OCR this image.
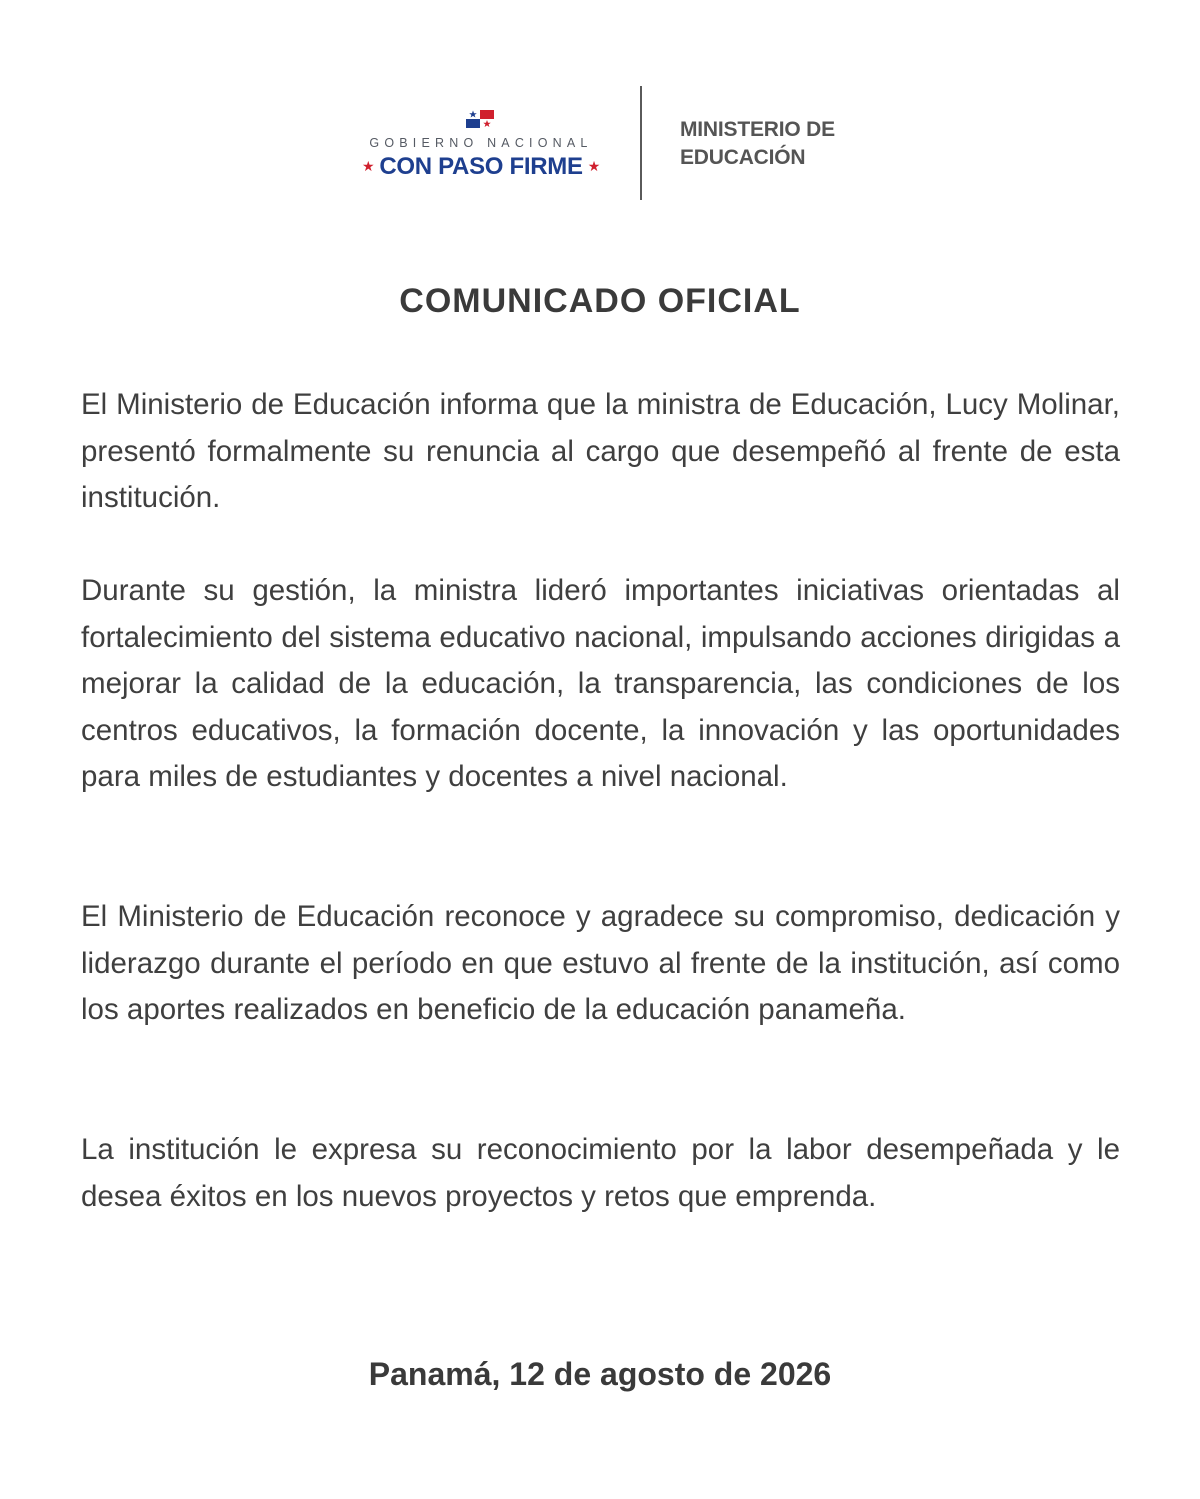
GOBIERNO NACIONAL
★ CON PASO FIRME ★
MINISTERIO DE
EDUCACIÓN
COMUNICADO OFICIAL

El Ministerio de Educación informa que la ministra de Educación, Lucy Molinar, presentó formalmente su renuncia al cargo que desempeñó al frente de esta institución.

Durante su gestión, la ministra lideró importantes iniciativas orientadas al fortalecimiento del sistema educativo nacional, impulsando acciones dirigidas a mejorar la calidad de la educación, la transparencia, las condiciones de los centros educativos, la formación docente, la innovación y las oportunidades para miles de estudiantes y docentes a nivel nacional.

El Ministerio de Educación reconoce y agradece su compromiso, dedicación y liderazgo durante el período en que estuvo al frente de la institución, así como los aportes realizados en beneficio de la educación panameña.

La institución le expresa su reconocimiento por la labor desempeñada y le desea éxitos en los nuevos proyectos y retos que emprenda.

Panamá, 12 de agosto de 2026
